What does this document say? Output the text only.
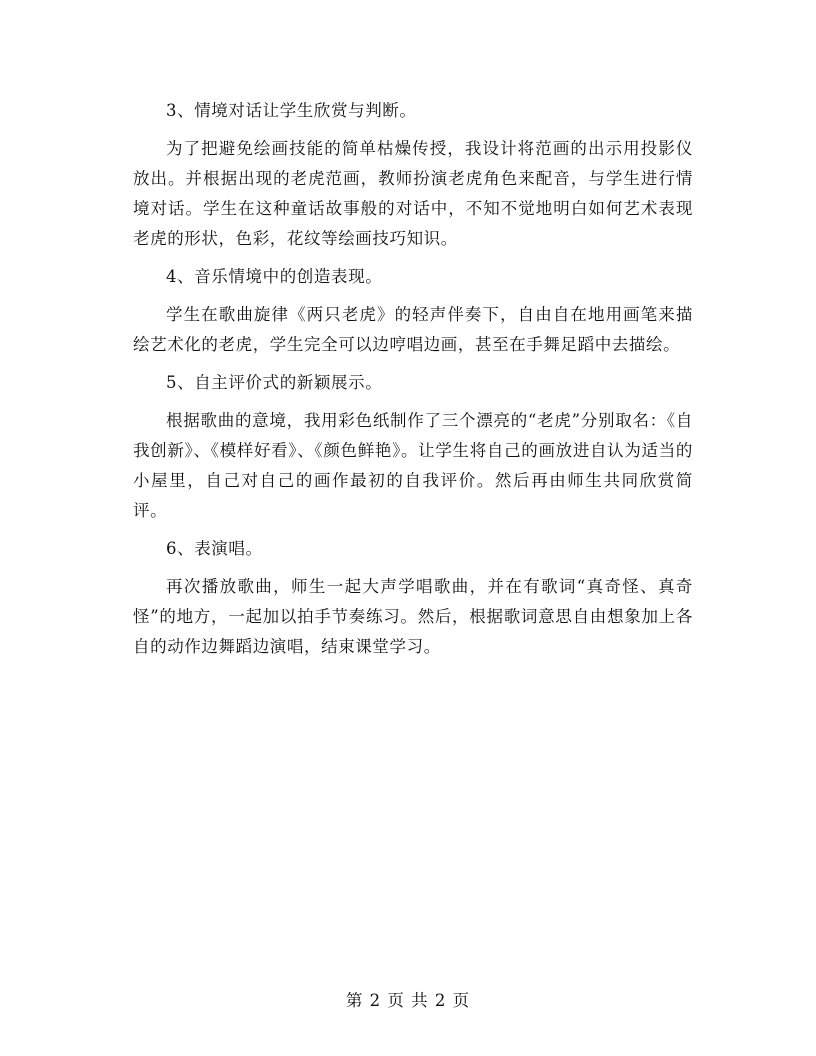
3、情境对话让学生欣赏与判断。

为了把避免绘画技能的简单枯燥传授，我设计将范画的出示用投影仪放出。并根据出现的老虎范画，教师扮演老虎角色来配音，与学生进行情境对话。学生在这种童话故事般的对话中，不知不觉地明白如何艺术表现老虎的形状，色彩，花纹等绘画技巧知识。

4、音乐情境中的创造表现。

学生在歌曲旋律《两只老虎》的轻声伴奏下，自由自在地用画笔来描绘艺术化的老虎，学生完全可以边哼唱边画，甚至在手舞足蹈中去描绘。

5、自主评价式的新颖展示。

根据歌曲的意境，我用彩色纸制作了三个漂亮的“老虎”分别取名：《自我创新》、《模样好看》、《颜色鲜艳》。让学生将自己的画放进自认为适当的小屋里，自己对自己的画作最初的自我评价。然后再由师生共同欣赏简评。

6、表演唱。

再次播放歌曲，师生一起大声学唱歌曲，并在有歌词“真奇怪、真奇怪”的地方，一起加以拍手节奏练习。然后，根据歌词意思自由想象加上各自的动作边舞蹈边演唱，结束课堂学习。

第 2 页 共 2 页
